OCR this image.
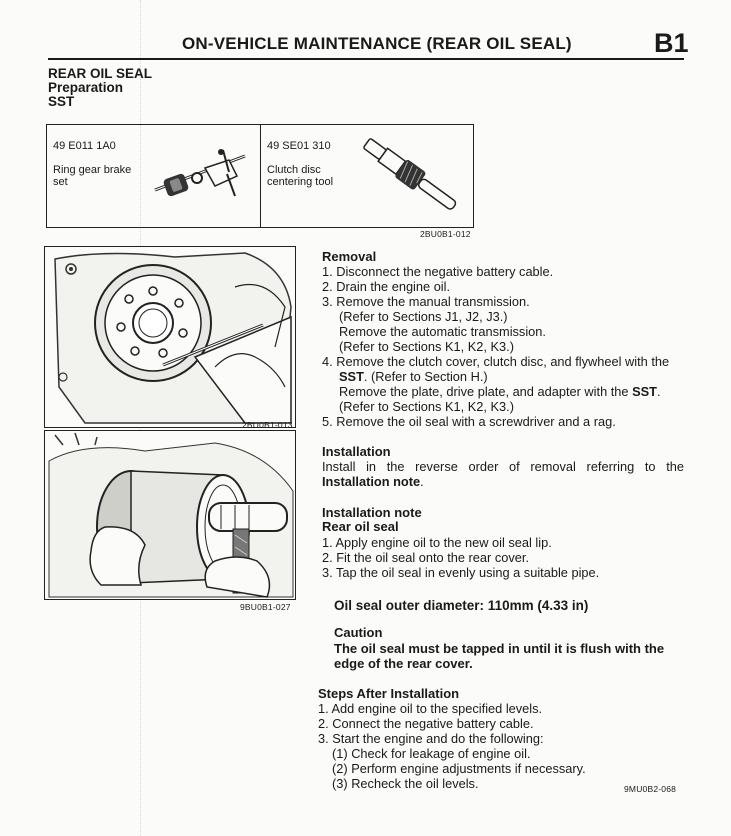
ON-VEHICLE MAINTENANCE (REAR OIL SEAL)	B1
REAR OIL SEAL
Preparation
SST
49 E011 1A0
Ring gear brake
set
49 SE01 310
Clutch disc
centering tool
2BU0B1-012
2BU0B1-013
9BU0B1-027
Removal
1. Disconnect the negative battery cable.
2. Drain the engine oil.
3. Remove the manual transmission.
(Refer to Sections J1, J2, J3.)
Remove the automatic transmission.
(Refer to Sections K1, K2, K3.)
4. Remove the clutch cover, clutch disc, and flywheel with the
SST. (Refer to Section H.)
Remove the plate, drive plate, and adapter with the SST.
(Refer to Sections K1, K2, K3.)
5. Remove the oil seal with a screwdriver and a rag.
Installation
Install in the reverse order of removal referring to the
Installation note.
Installation note
Rear oil seal
1. Apply engine oil to the new oil seal lip.
2. Fit the oil seal onto the rear cover.
3. Tap the oil seal in evenly using a suitable pipe.
Oil seal outer diameter: 110mm (4.33 in)
Caution
The oil seal must be tapped in until it is flush with the
edge of the rear cover.
Steps After Installation
1. Add engine oil to the specified levels.
2. Connect the negative battery cable.
3. Start the engine and do the following:
(1) Check for leakage of engine oil.
(2) Perform engine adjustments if necessary.
(3) Recheck the oil levels.	9MU0B2-068
